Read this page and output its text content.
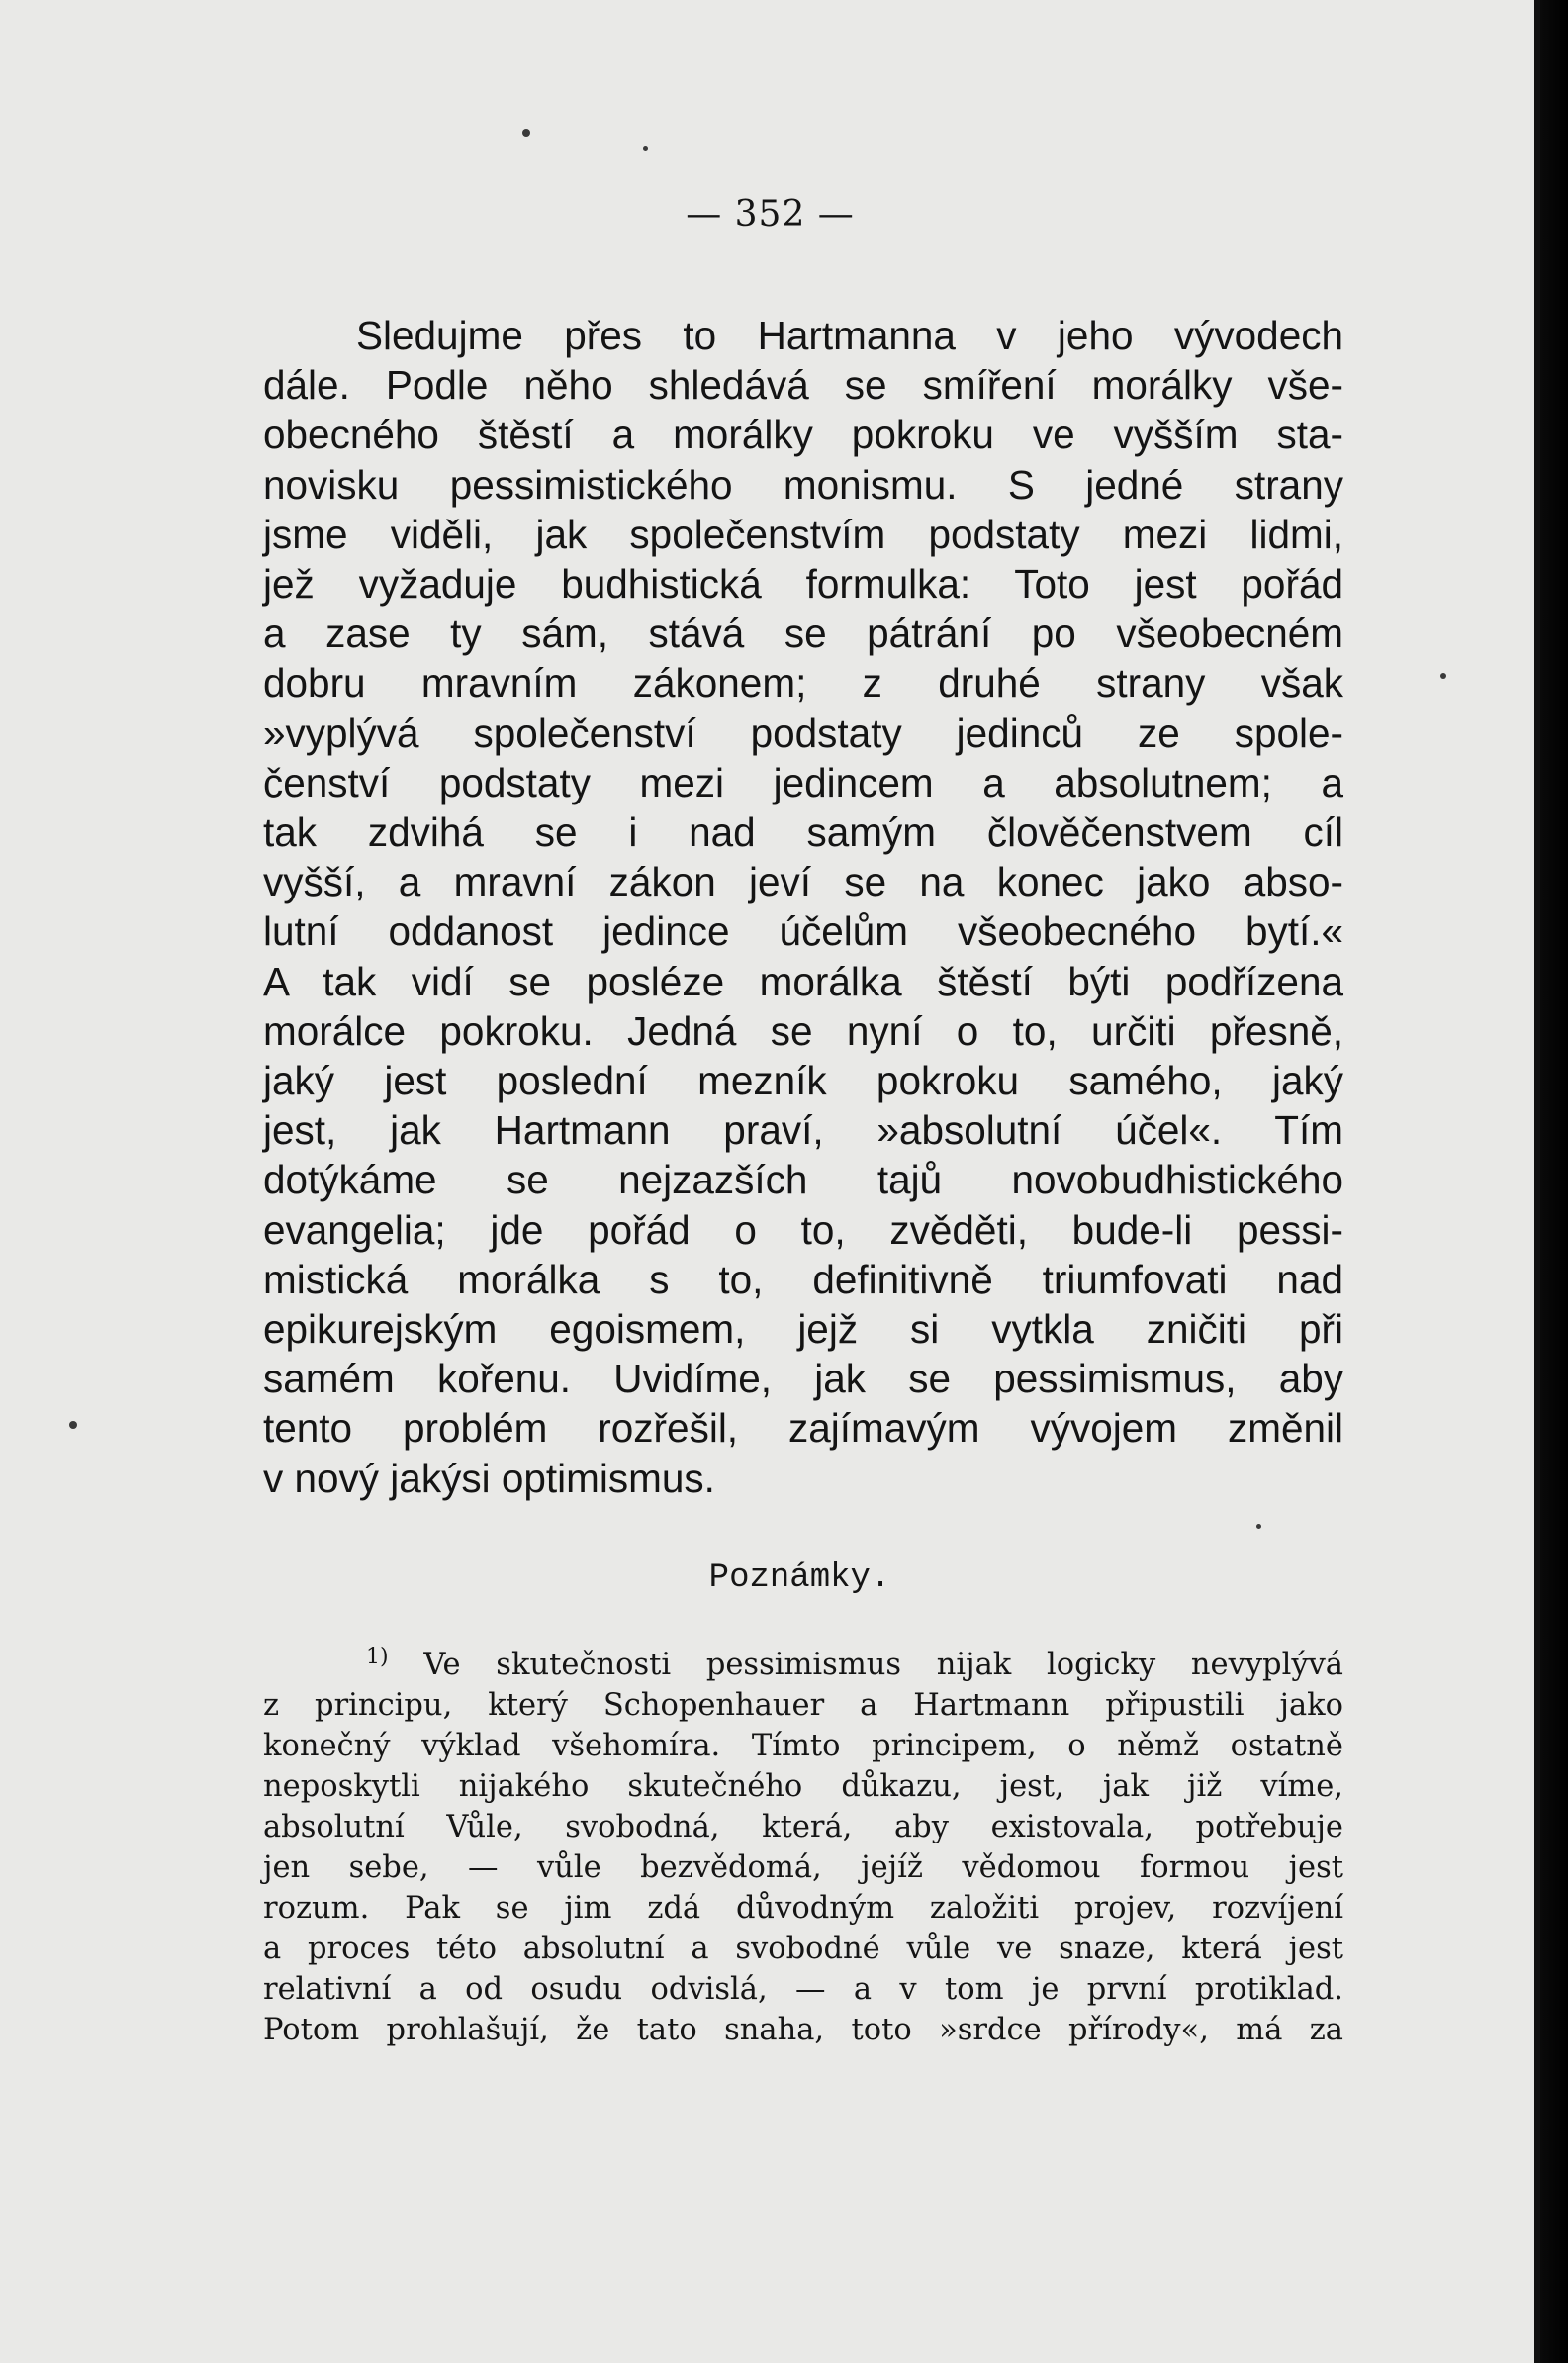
— 352 —
Sledujme přes to Hartmanna v jeho vývodech
dále. Podle něho shledává se smíření morálky vše-
obecného štěstí a morálky pokroku ve vyšším sta-
novisku pessimistického monismu. S jedné strany
jsme viděli, jak společenstvím podstaty mezi lidmi,
jež vyžaduje budhistická formulka: Toto jest pořád
a zase ty sám, stává se pátrání po všeobecném
dobru mravním zákonem; z druhé strany však
»vyplývá společenství podstaty jedinců ze spole-
čenství podstaty mezi jedincem a absolutnem; a
tak zdvihá se i nad samým člověčenstvem cíl
vyšší, a mravní zákon jeví se na konec jako abso-
lutní oddanost jedince účelům všeobecného bytí.«
A tak vidí se posléze morálka štěstí býti podřízena
morálce pokroku. Jedná se nyní o to, určiti přesně,
jaký jest poslední mezník pokroku samého, jaký
jest, jak Hartmann praví, »absolutní účel«. Tím
dotýkáme se nejzazších tajů novobudhistického
evangelia; jde pořád o to, zvěděti, bude-li pessi-
mistická morálka s to, definitivně triumfovati nad
epikurejským egoismem, jejž si vytkla zničiti při
samém kořenu. Uvidíme, jak se pessimismus, aby
tento problém rozřešil, zajímavým vývojem změnil
v nový jakýsi optimismus.
Poznámky.
$^{1)}$ Ve skutečnosti pessimismus nijak logicky nevyplývá
z principu, který Schopenhauer a Hartmann připustili jako
konečný výklad všehomíra. Tímto principem, o němž ostatně
neposkytli nijakého skutečného důkazu, jest, jak již víme,
absolutní Vůle, svobodná, která, aby existovala, potřebuje
jen sebe, — vůle bezvědomá, jejíž vědomou formou jest
rozum. Pak se jim zdá důvodným založiti projev, rozvíjení
a proces této absolutní a svobodné vůle ve snaze, která jest
relativní a od osudu odvislá, — a v tom je první protiklad.
Potom prohlašují, že tato snaha, toto »srdce přírody«, má za
